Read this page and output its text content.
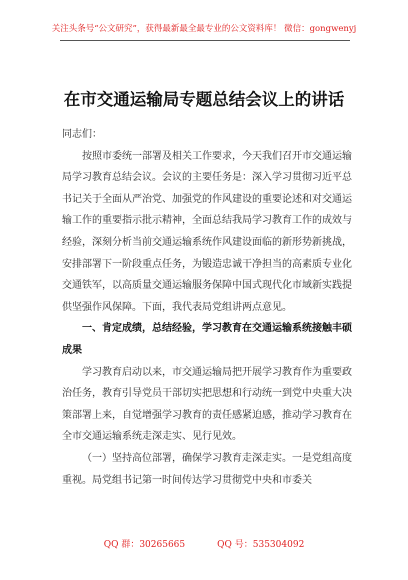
关注头条号“公文研究”，获得最新最全最专业的公文资料库！ 微信：gongwenyj
在市交通运输局专题总结会议上的讲话

同志们：

按照市委统一部署及相关工作要求，今天我们召开市交通运输局学习教育总结会议。会议的主要任务是：深入学习贯彻习近平总书记关于全面从严治党、加强党的作风建设的重要论述和对交通运输工作的重要指示批示精神，全面总结我局学习教育工作的成效与经验，深刻分析当前交通运输系统作风建设面临的新形势新挑战，安排部署下一阶段重点任务，为锻造忠诚干净担当的高素质专业化交通铁军，以高质量交通运输服务保障中国式现代化市域新实践提供坚强作风保障。下面，我代表局党组讲两点意见。

一、肯定成绩，总结经验，学习教育在交通运输系统接触丰硕成果

学习教育启动以来，市交通运输局把开展学习教育作为重要政治任务，教育引导党员干部切实把思想和行动统一到党中央重大决策部署上来，自觉增强学习教育的责任感紧迫感，推动学习教育在全市交通运输系统走深走实、见行见效。

（一）坚持高位部署，确保学习教育走深走实。一是党组高度重视。局党组书记第一时间传达学习贯彻党中央和市委关

QQ 群：30265665	QQ 号：535304092
